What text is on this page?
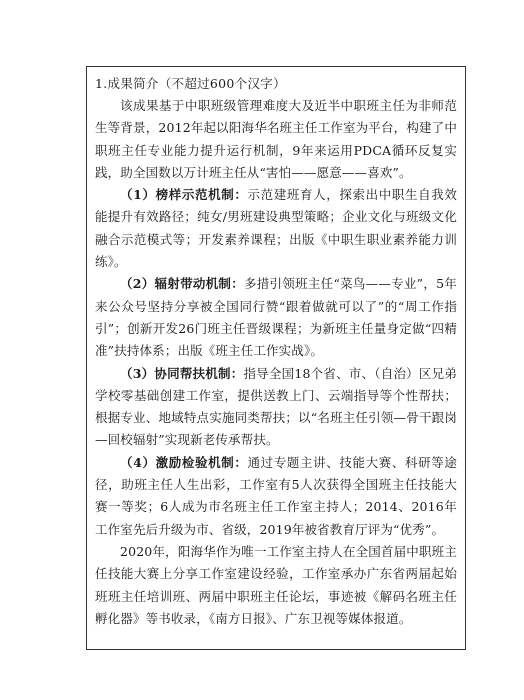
1.成果简介（不超过600个汉字）

该成果基于中职班级管理难度大及近半中职班主任为非师范生等背景，2012年起以阳海华名班主任工作室为平台，构建了中职班主任专业能力提升运行机制，9年来运用PDCA循环反复实践，助全国数以万计班主任从“害怕——愿意——喜欢”。

（1）榜样示范机制：示范建班育人，探索出中职生自我效能提升有效路径；纯女/男班建设典型策略；企业文化与班级文化融合示范模式等；开发素养课程；出版《中职生职业素养能力训练》。

（2）辐射带动机制：多措引领班主任“菜鸟——专业”，5年来公众号坚持分享被全国同行赞“跟着做就可以了”的“周工作指引”；创新开发26门班主任晋级课程；为新班主任量身定做“四精准”扶持体系；出版《班主任工作实战》。

（3）协同帮扶机制：指导全国18个省、市、（自治）区兄弟学校零基础创建工作室，提供送教上门、云端指导等个性帮扶；根据专业、地域特点实施同类帮扶；以“名班主任引领—骨干跟岗—回校辐射”实现新老传承帮扶。

（4）激励检验机制：通过专题主讲、技能大赛、科研等途径，助班主任人生出彩，工作室有5人次获得全国班主任技能大赛一等奖；6人成为市名班主任工作室主持人；2014、2016年工作室先后升级为市、省级，2019年被省教育厅评为“优秀”。

2020年，阳海华作为唯一工作室主持人在全国首届中职班主任技能大赛上分享工作室建设经验，工作室承办广东省两届起始班班主任培训班、两届中职班主任论坛，事迹被《解码名班主任孵化器》等书收录，《南方日报》、广东卫视等媒体报道。
